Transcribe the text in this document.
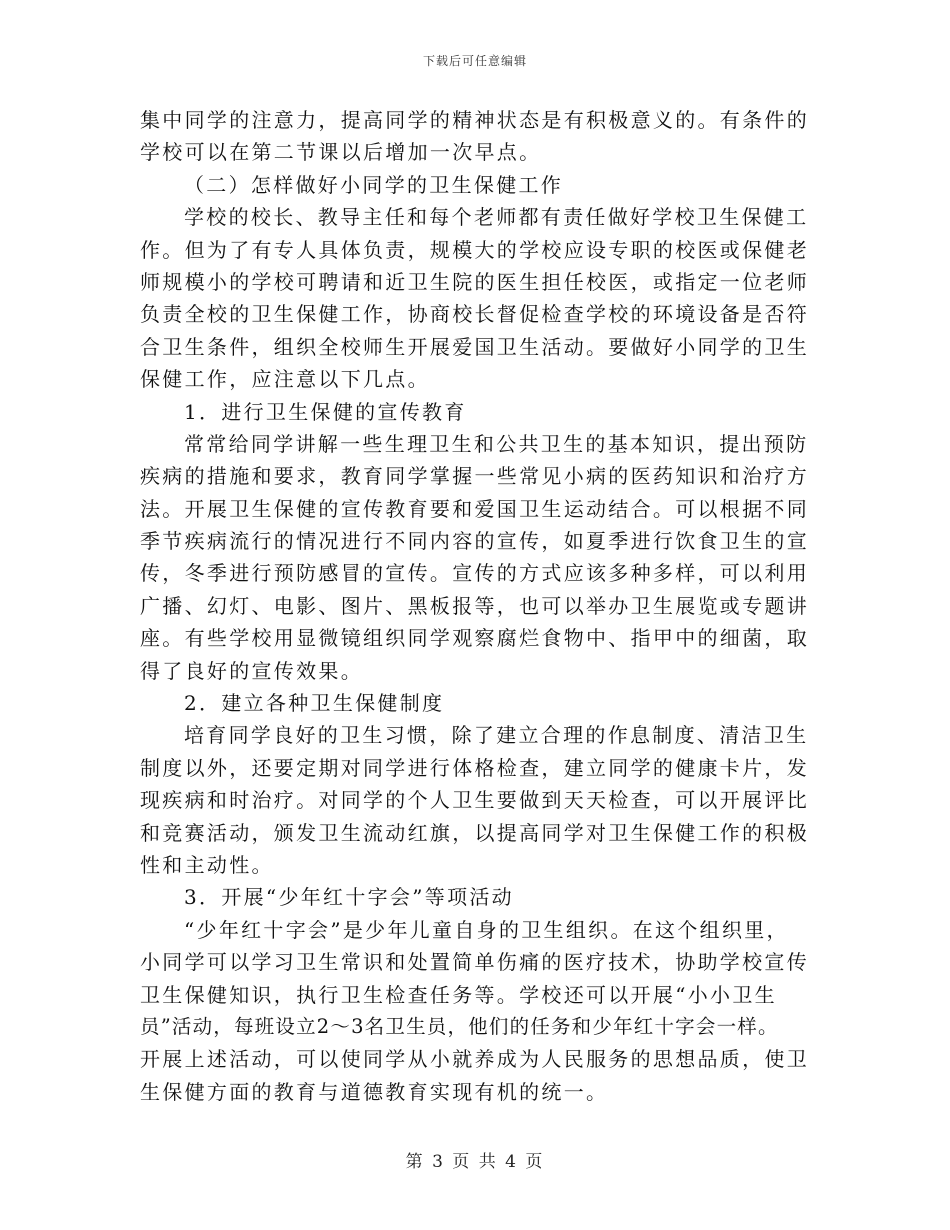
下载后可任意编辑
集中同学的注意力，提高同学的精神状态是有积极意义的。有条件的
学校可以在第二节课以后增加一次早点。
（二）怎样做好小同学的卫生保健工作
学校的校长、教导主任和每个老师都有责任做好学校卫生保健工
作。但为了有专人具体负责，规模大的学校应设专职的校医或保健老
师规模小的学校可聘请和近卫生院的医生担任校医，或指定一位老师
负责全校的卫生保健工作，协商校长督促检查学校的环境设备是否符
合卫生条件，组织全校师生开展爱国卫生活动。要做好小同学的卫生
保健工作，应注意以下几点。
1．进行卫生保健的宣传教育
常常给同学讲解一些生理卫生和公共卫生的基本知识，提出预防
疾病的措施和要求，教育同学掌握一些常见小病的医药知识和治疗方
法。开展卫生保健的宣传教育要和爱国卫生运动结合。可以根据不同
季节疾病流行的情况进行不同内容的宣传，如夏季进行饮食卫生的宣
传，冬季进行预防感冒的宣传。宣传的方式应该多种多样，可以利用
广播、幻灯、电影、图片、黑板报等，也可以举办卫生展览或专题讲
座。有些学校用显微镜组织同学观察腐烂食物中、指甲中的细菌，取
得了良好的宣传效果。
2．建立各种卫生保健制度
培育同学良好的卫生习惯，除了建立合理的作息制度、清洁卫生
制度以外，还要定期对同学进行体格检查，建立同学的健康卡片，发
现疾病和时治疗。对同学的个人卫生要做到天天检查，可以开展评比
和竞赛活动，颁发卫生流动红旗，以提高同学对卫生保健工作的积极
性和主动性。
3．开展“少年红十字会”等项活动
“少年红十字会”是少年儿童自身的卫生组织。在这个组织里，
小同学可以学习卫生常识和处置简单伤痛的医疗技术，协助学校宣传
卫生保健知识，执行卫生检查任务等。学校还可以开展“小小卫生
员”活动，每班设立2～3名卫生员，他们的任务和少年红十字会一样。
开展上述活动，可以使同学从小就养成为人民服务的思想品质，使卫
生保健方面的教育与道德教育实现有机的统一。
第 3 页 共 4 页
